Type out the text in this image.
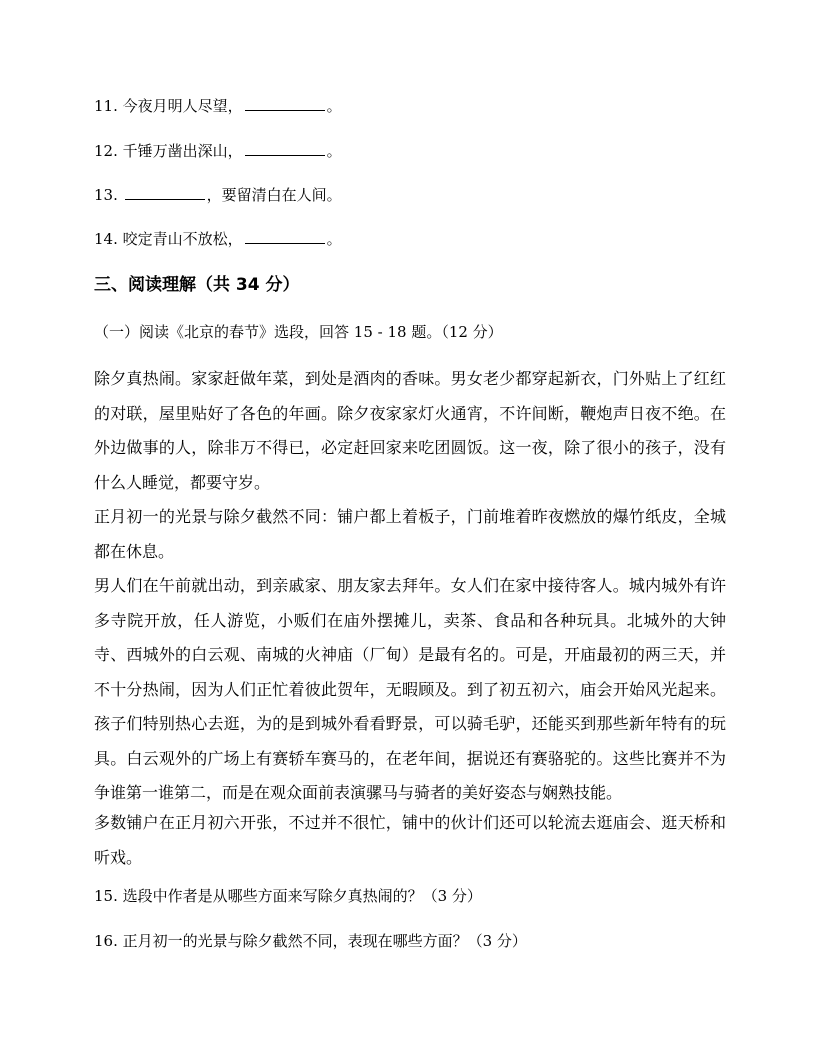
11. 今夜月明人尽望，	。
12. 千锤万凿出深山，	。
13.	，要留清白在人间。
14. 咬定青山不放松，	。
三、阅读理解（共 34 分）
（一）阅读《北京的春节》选段，回答 15 - 18 题。（12 分）
除夕真热闹。家家赶做年菜，到处是酒肉的香味。男女老少都穿起新衣，门外贴上了红红的对联，屋里贴好了各色的年画。除夕夜家家灯火通宵，不许间断，鞭炮声日夜不绝。在外边做事的人，除非万不得已，必定赶回家来吃团圆饭。这一夜，除了很小的孩子，没有什么人睡觉，都要守岁。
正月初一的光景与除夕截然不同：铺户都上着板子，门前堆着昨夜燃放的爆竹纸皮，全城都在休息。
男人们在午前就出动，到亲戚家、朋友家去拜年。女人们在家中接待客人。城内城外有许多寺院开放，任人游览，小贩们在庙外摆摊儿，卖茶、食品和各种玩具。北城外的大钟寺、西城外的白云观、南城的火神庙（厂甸）是最有名的。可是，开庙最初的两三天，并不十分热闹，因为人们正忙着彼此贺年，无暇顾及。到了初五初六，庙会开始风光起来。孩子们特别热心去逛，为的是到城外看看野景，可以骑毛驴，还能买到那些新年特有的玩具。白云观外的广场上有赛轿车赛马的，在老年间，据说还有赛骆驼的。这些比赛并不为争谁第一谁第二，而是在观众面前表演骡马与骑者的美好姿态与娴熟技能。
多数铺户在正月初六开张，不过并不很忙，铺中的伙计们还可以轮流去逛庙会、逛天桥和听戏。
15. 选段中作者是从哪些方面来写除夕真热闹的？（3 分）
16. 正月初一的光景与除夕截然不同，表现在哪些方面？（3 分）
